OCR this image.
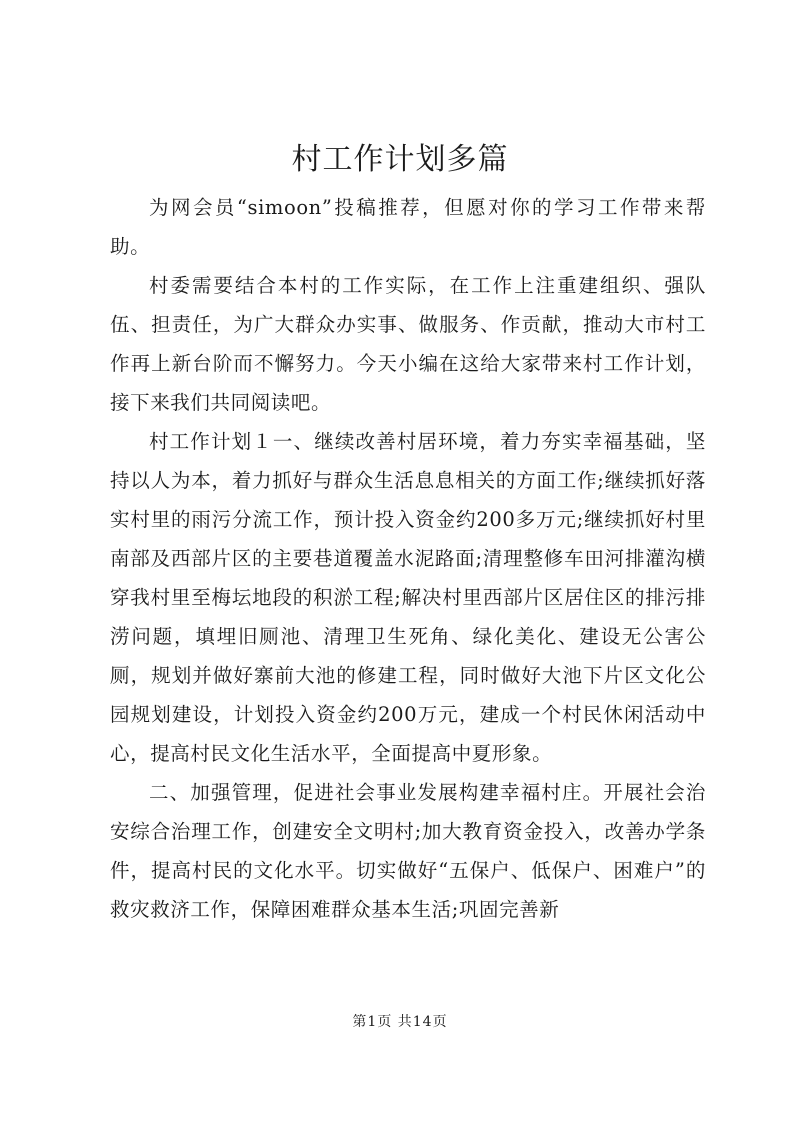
村工作计划多篇

为网会员“simoon”投稿推荐，但愿对你的学习工作带来帮助。

村委需要结合本村的工作实际，在工作上注重建组织、强队伍、担责任，为广大群众办实事、做服务、作贡献，推动大市村工作再上新台阶而不懈努力。今天小编在这给大家带来村工作计划，接下来我们共同阅读吧。

村工作计划１一、继续改善村居环境，着力夯实幸福基础，坚持以人为本，着力抓好与群众生活息息相关的方面工作;继续抓好落实村里的雨污分流工作，预计投入资金约200多万元;继续抓好村里南部及西部片区的主要巷道覆盖水泥路面;清理整修车田河排灌沟横穿我村里至梅坛地段的积淤工程;解决村里西部片区居住区的排污排涝问题，填埋旧厕池、清理卫生死角、绿化美化、建设无公害公厕，规划并做好寨前大池的修建工程，同时做好大池下片区文化公园规划建设，计划投入资金约200万元，建成一个村民休闲活动中心，提高村民文化生活水平，全面提高中夏形象。

二、加强管理，促进社会事业发展构建幸福村庄。开展社会治安综合治理工作，创建安全文明村;加大教育资金投入，改善办学条件，提高村民的文化水平。切实做好“五保户、低保户、困难户”的救灾救济工作，保障困难群众基本生活;巩固完善新

第1页 共14页
